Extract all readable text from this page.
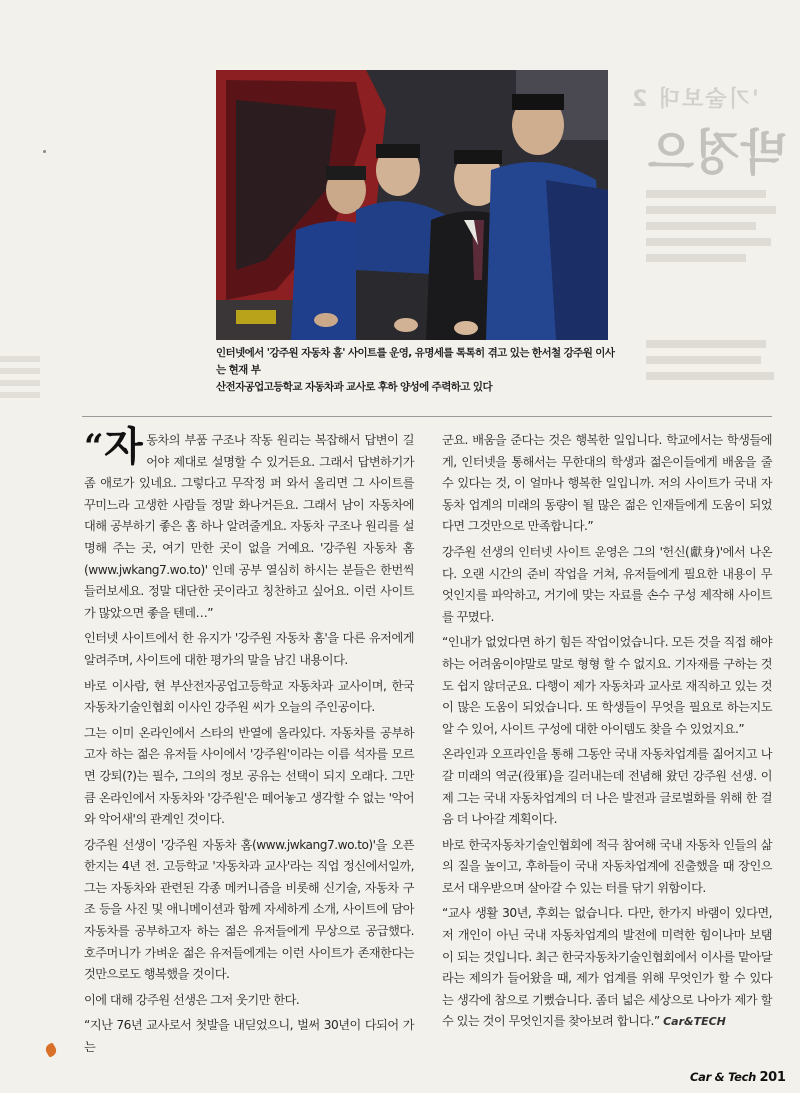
'기술보대 2
박정으
인터넷에서 '강주원 자동차 홈' 사이트를 운영, 유명세를 톡톡히 겪고 있는 한서철 강주원 이사는 현재 부
산전자공업고등학교 자동차과 교사로 후하 양성에 주력하고 있다

“ 자 동차의 부품 구조나 작동 원리는 복잡해서 답변이 길어야 제대로 설명할 수 있거든요. 그래서 답변하기가 좀 애로가 있네요. 그렇다고 무작정 퍼 와서 올리면 그 사이트를 꾸미느라 고생한 사람들 정말 화나거든요. 그래서 남이 자동차에 대해 공부하기 좋은 홈 하나 알려줄게요. 자동차 구조나 원리를 설명해 주는 곳, 여기 만한 곳이 없을 거예요. '강주원 자동차 홈(www.jwkang7.wo.to)' 인데 공부 열심히 하시는 분들은 한번씩 들러보세요. 정말 대단한 곳이라고 칭찬하고 싶어요. 이런 사이트가 많았으면 좋을 텐데…”

인터넷 사이트에서 한 유지가 '강주원 자동차 홈'을 다른 유저에게 알려주며, 사이트에 대한 평가의 말을 남긴 내용이다.

바로 이사람, 현 부산전자공업고등학교 자동차과 교사이며, 한국자동차기술인협회 이사인 강주원 씨가 오늘의 주인공이다.

그는 이미 온라인에서 스타의 반열에 올라있다. 자동차를 공부하고자 하는 젊은 유저들 사이에서 '강주원'이라는 이름 석자를 모르면 강퇴(?)는 필수, 그의의 정보 공유는 선택이 되지 오래다. 그만큼 온라인에서 자동차와 '강주원'은 떼어놓고 생각할 수 없는 '악어와 악어새'의 관계인 것이다.

강주원 선생이 '강주원 자동차 홈(www.jwkang7.wo.to)'을 오픈한지는 4년 전. 고등학교 '자동차과 교사'라는 직업 정신에서일까, 그는 자동차와 관련된 각종 메커니즘을 비롯해 신기술, 자동차 구조 등을 사진 및 애니메이션과 함께 자세하게 소개, 사이트에 담아 자동차를 공부하고자 하는 젊은 유저들에게 무상으로 공급했다. 호주머니가 가벼운 젊은 유저들에게는 이런 사이트가 존재한다는 것만으로도 행복했을 것이다.

이에 대해 강주원 선생은 그저 웃기만 한다.

“지난 76년 교사로서 첫발을 내딛었으니, 벌써 30년이 다되어 가는

군요. 배움을 준다는 것은 행복한 일입니다. 학교에서는 학생들에게, 인터넷을 통해서는 무한대의 학생과 젊은이들에게 배움을 줄 수 있다는 것, 이 얼마나 행복한 일입니까. 저의 사이트가 국내 자동차 업계의 미래의 동량이 될 많은 젊은 인재들에게 도움이 되었다면 그것만으로 만족합니다.”

강주원 선생의 인터넷 사이트 운영은 그의 '헌신(獻身)'에서 나온다. 오랜 시간의 준비 작업을 거쳐, 유저들에게 필요한 내용이 무엇인지를 파악하고, 거기에 맞는 자료를 손수 구성 제작해 사이트를 꾸몄다.

“인내가 없었다면 하기 힘든 작업이었습니다. 모든 것을 직접 해야 하는 어려움이야말로 말로 형형 할 수 없지요. 기자재를 구하는 것도 쉽지 않더군요. 다행이 제가 자동차과 교사로 재직하고 있는 것이 많은 도움이 되었습니다. 또 학생들이 무엇을 필요로 하는지도 알 수 있어, 사이트 구성에 대한 아이템도 찾을 수 있었지요.”

온라인과 오프라인을 통해 그동안 국내 자동차업계를 짊어지고 나갈 미래의 역군(役軍)을 길러내는데 전념해 왔던 강주원 선생. 이제 그는 국내 자동차업계의 더 나은 발전과 글로벌화를 위해 한 걸음 더 나아갈 계획이다.

바로 한국자동차기술인협회에 적극 참여해 국내 자동차 인들의 삶의 질을 높이고, 후하들이 국내 자동차업계에 진출했을 때 장인으로서 대우받으며 살아갈 수 있는 터를 닦기 위함이다.

“교사 생활 30년, 후회는 없습니다. 다만, 한가지 바램이 있다면, 저 개인이 아닌 국내 자동차업계의 발전에 미력한 힘이나마 보탬이 되는 것입니다. 최근 한국자동차기술인협회에서 이사를 맡아달라는 제의가 들어왔을 때, 제가 업계를 위해 무엇인가 할 수 있다는 생각에 참으로 기뻤습니다. 좀더 넓은 세상으로 나아가 제가 할 수 있는 것이 무엇인지를 찾아보려 합니다.” Car&TECH

Car & Tech 201
